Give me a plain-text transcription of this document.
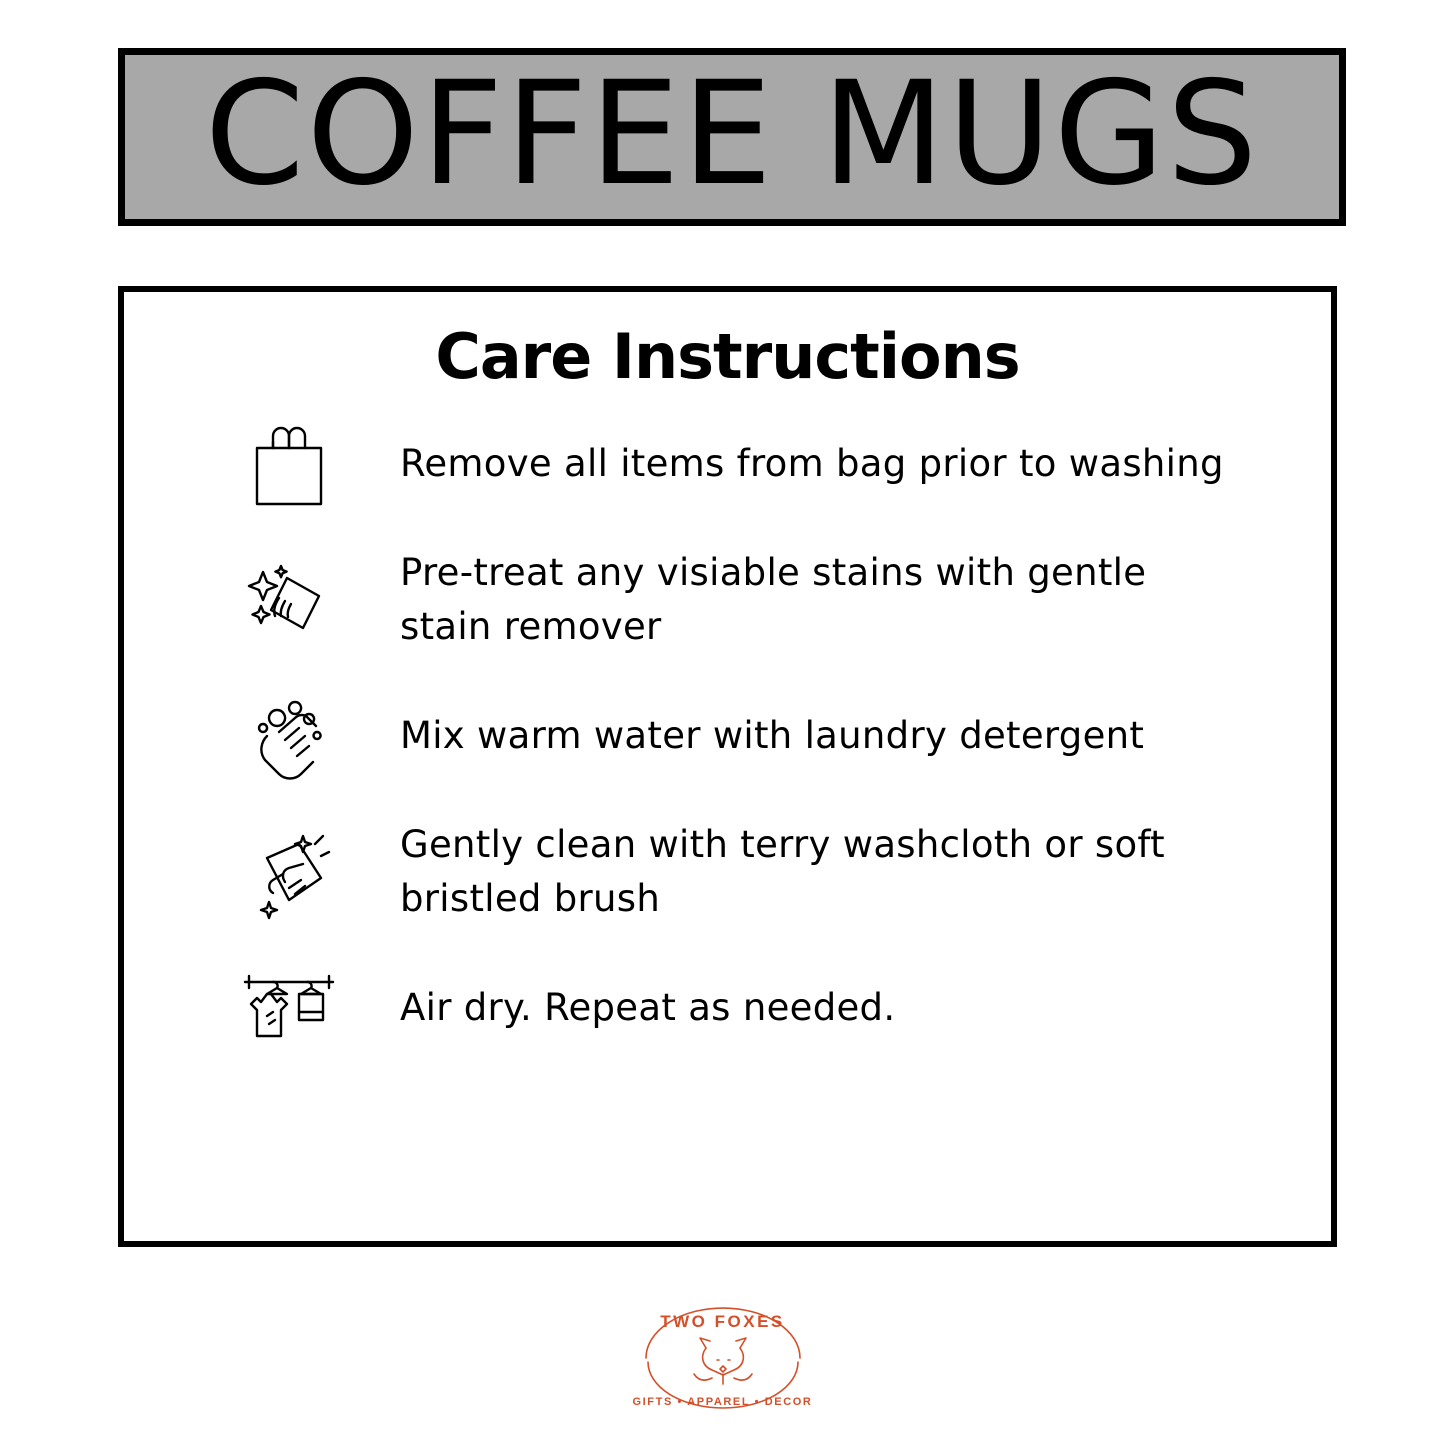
COFFEE MUGS
Care Instructions
Remove all items from bag prior to washing
Pre-treat any visiable stains with gentle stain remover
Mix warm water with laundry detergent
Gently clean with terry washcloth or soft bristled brush
Air dry. Repeat as needed.
TWO FOXES
GIFTS • APPAREL • DECOR
